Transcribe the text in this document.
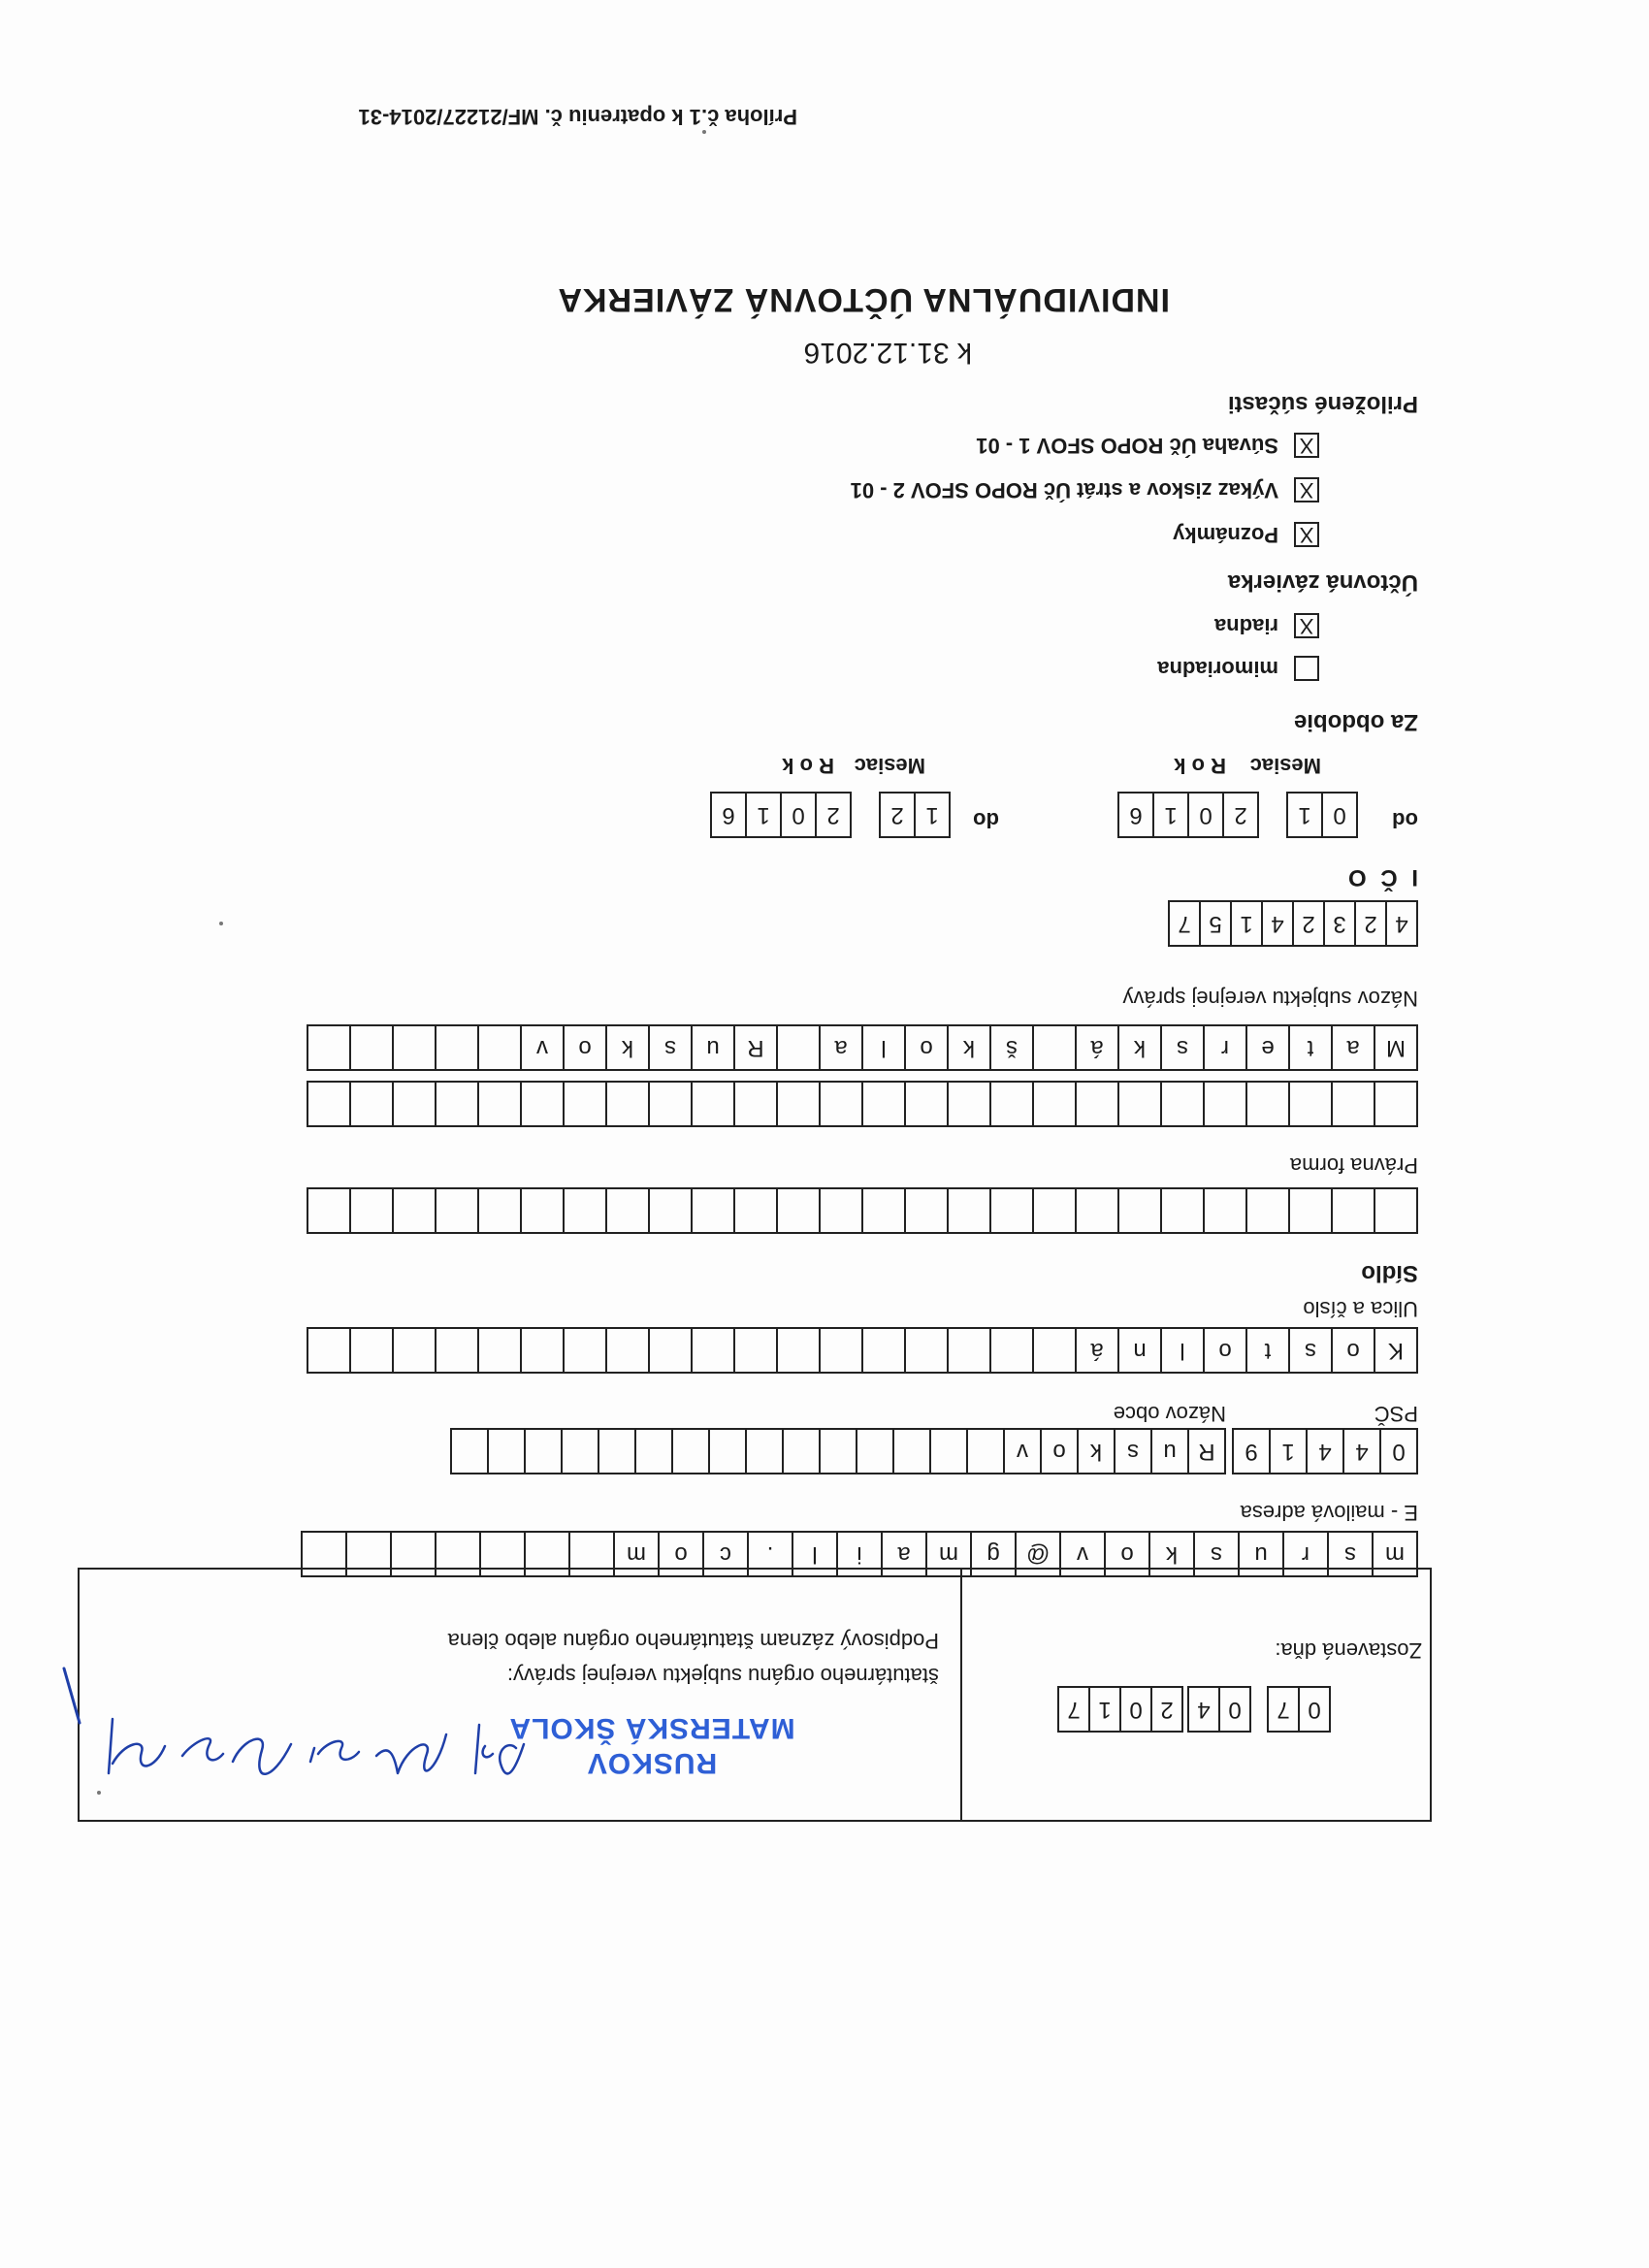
Príloha č.1 k opatreniu č. MF/21227/2014-31
INDIVIDUÁLNA ÚČTOVNÁ ZÁVIERKA
k 31.12.2016
Priložené súčasti
X
Súvaha Úč ROPO SFOV 1 - 01
X
Výkaz ziskov a strát Úč ROPO SFOV 2 - 01
X
Poznámky
Účtovná závierka
X
riadna
mimoriadna
Za obdobie
Mesiac
R o k
Mesiac
R o k
od
0
1
2
0
1
6
do
1
2
2
0
1
6
I Č O
4
2
3
2
4
1
5
7
Názov subjektu verejnej správy
M
a
t
e
r
s
k
á
š
k
o
l
a
R
u
s
k
o
v
Právna forma
Sídlo
Ulica a číslo
K
o
s
t
o
l
n
á
PSČ
Názov obce
0
4
4
1
9
R
u
s
k
o
v
E - mailová adresa
m
s
r
u
s
k
o
v
@
g
m
a
i
l
.
c
o
m
Zostavená dňa:
0
7
0
4
2
0
1
7
Podpisový záznam štatutárneho orgánu alebo člena
štatutárneho orgánu subjektu verejnej správy:
MATERSKÁ ŠKOLA
RUSKOV
